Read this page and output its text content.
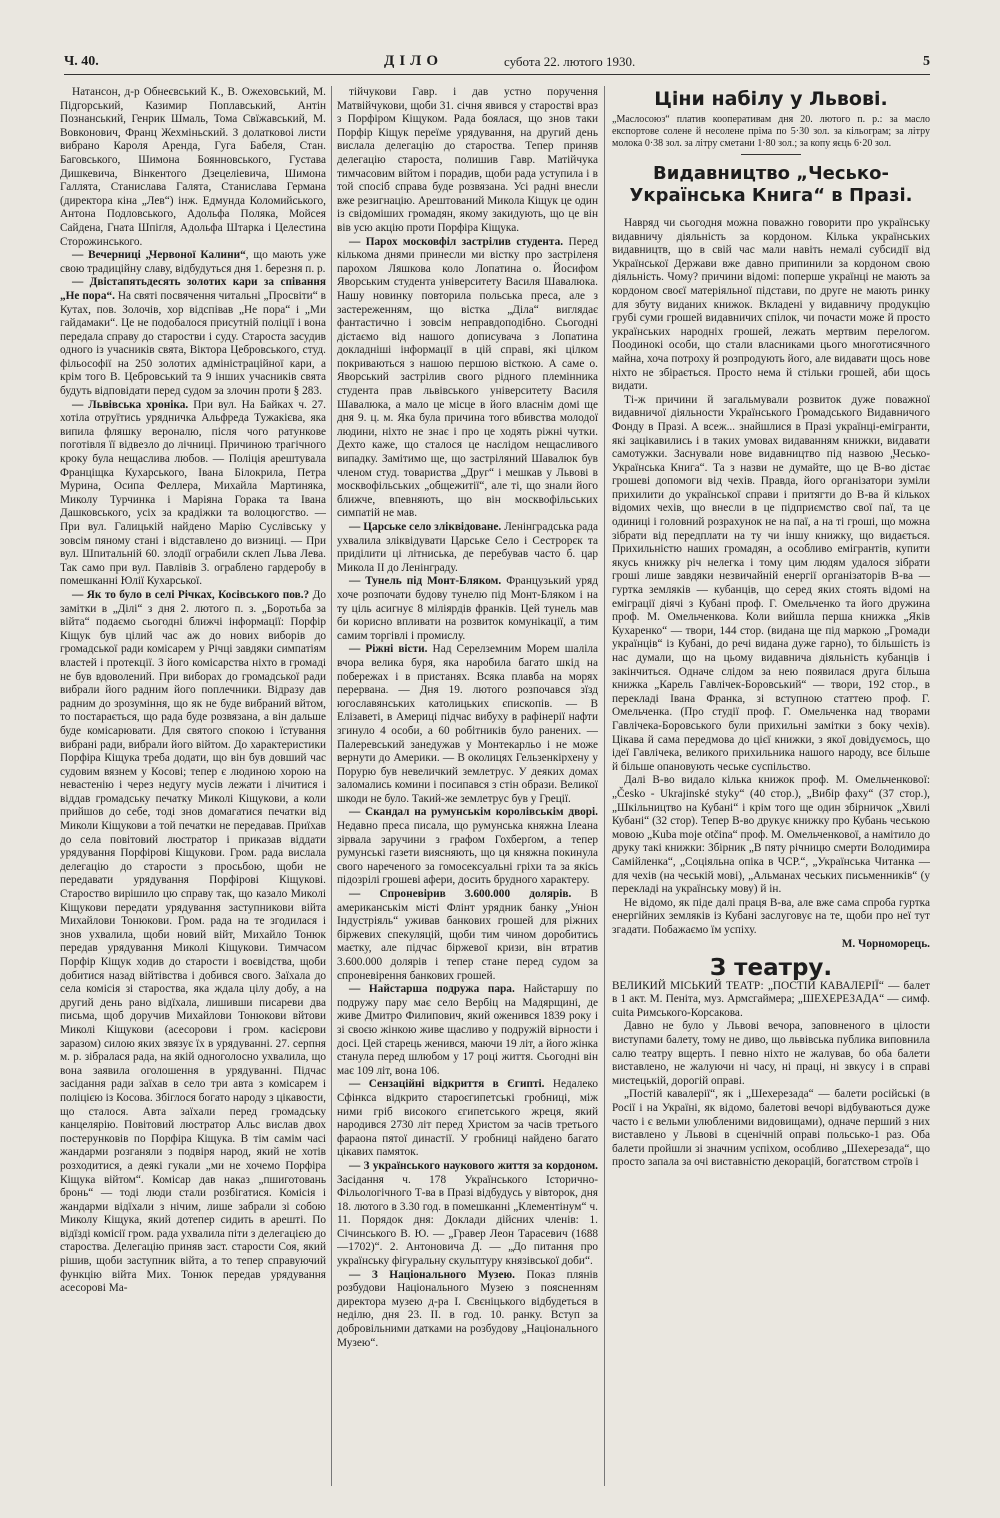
Ч. 40.	ДІЛО	субота 22. лютого 1930.	5

Натансон, д-р Обнеєвський К., В. Ожеховський, М. Підгорський, Казимир Поплавський, Антін Познанський, Генрик Шмаль, Тома Свїжавський, М. Вовконович, Франц Жехміньский. З долатковоі листи вибрано Кароля Аренда, Гуга Бабеля, Стан. Баговського, Шимона Боянновського, Густава Дишкевича, Вінкентого Дзецеліевича, Шимона Галлята, Станислава Галята, Станислава Германа (директора кіна „Лев“) інж. Едмунда Коломийського, Антона Подловського, Адольфа Поляка, Мойсея Сайдена, Гната Шпіґля, Адольфа Штарка і Целестина Сторожинського.

— Вечерниці „Червоної Калини“, що мають уже свою традиційну славу, відбудуться дня 1. березня п. р.

— Двістапятьдесять золотих кари за співання „Не пора“. На святі посвячення читальні „Просвіти“ в Кутах, пов. Золочів, хор відспівав „Не пора“ і „Ми гайдамаки“. Це не подобалося присутній поліції і вона передала справу до старостви і суду. Староста засудив одного із учасників свята, Віктора Цебровського, студ. фільософії на 250 золотих адміністраційної кари, а крім того В. Цебровський та 9 інших учасників свята будуть відповідати перед судом за злочин проти § 283.

— Львівська хроніка. При вул. На Байках ч. 27. хотіла отруїтись урядничка Альфреда Тужакієва, яка випила фляшку вероналю, після чого ратункове поготівля її відвезло до лічниці. Причиною трагічного кроку була нещаслива любов. — Поліція арештувала Франціщка Кухарського, Івана Білокрила, Петра Мурина, Осипа Феллера, Михайла Мартиняка, Миколу Турчинка і Маріяна Горака та Івана Дашковського, усіх за крадіжки та волоцюгство. — При вул. Галицькій найдено Марію Суслівську у зовсім пяному стані і відставлено до визниці. — При вул. Шпитальній 60. злодії ограбили склеп Льва Лева. Так само при вул. Павлівів 3. ограблено гардеробу в помешканні Юлії Кухарської.

— Як то було в селі Річках, Косівського пов.? До замітки в „Ділі“ з дня 2. лютого п. з. „Боротьба за війта“ подаємо сьогодні ближчі інформації: Порфір Кіщук був цілий час аж до нових виборів до громадської ради комісарем у Річці завдяки симпатіям властей і протекції. З його комісарства ніхто в громаді не був вдоволений. При виборах до громадської ради вибрали його радним його поплечники. Відразу дав радним до зрозуміння, що як не буде вибраний вйтом, то постарається, що рада буде розвязана, а він дальше буде комісарювати. Для святого спокою і їстування вибрані ради, вибрали його війтом. До характеристики Порфіра Кіщука треба додати, що він був довший час судовим вязнем у Косові; тепер є людиною хорою на невастенію і через недугу мусів лежати і лічитися і віддав громадську печатку Миколі Кіщукови, а коли прийшов до себе, тоді знов домагатися печатки від Миколи Кіщукови а той печатки не передавав. Приїхав до села повітовий люстратор і приказав віддати урядування Порфірові Кіщукови. Гром. рада вислала делегацію до старости з просьбою, щоби не передавати урядування Порфірові Кіщукові. Староство вирішило цю справу так, що казало Миколі Кіщукови передати урядування заступникови війта Михайлови Тонюкови. Гром. рада на те згодилася і знов ухвалила, щоби новий війт, Михайло Тонюк передав урядування Миколі Кіщукови. Тимчасом Порфір Кіщук ходив до старости і воєвідства, щоби добитися назад війтівства і добився свого. Заїхала до села комісія зі староства, яка ждала цілу добу, а на другий день рано відїхала, лишивши писареви два письма, щоб доручив Михайлови Тонюкови вйтови Миколі Кіщукови (асесорови і гром. касієрови заразом) силою яких звязує їх в урядуванні. 27. серпня м. р. зібралася рада, на якій одноголосно ухвалила, що вона заявила оголошення в урядуванні. Підчас засідання ради заїхав в село три авта з комісарем і поліцією із Косова. Збіглося богато народу з цікавости, що сталося. Авта заїхали перед громадську канцелярію. Повітовий люстратор Альс вислав двох постерунковів по Порфіра Кіщука. В тім самім часі жандарми розганяли з подвіря народ, який не хотів розходитися, а деякі гукали „ми не хочемо Порфіра Кіщука війтом“. Комісар дав наказ „пшиготовань бронь“ — тоді люди стали розбігатися. Комісія і жандарми відїхали з нічим, лише забрали зі собою Миколу Кіщука, який дотепер сидить в арешті. По відїзді комісії гром. рада ухвалила піти з делегацією до староства. Делегацію приняв заст. старости Соя, який рішив, щоби заступник війта, а то тепер справуючий функцію війта Мих. Тонюк передав урядування асесорові Ма-

тійчукови Гавр. і дав устно поручення Матвійчукови, щоби 31. січня явився у старостві враз з Порфіром Кіщуком. Рада боялася, що знов таки Порфір Кіщук переїме урядування, на другий день вислала делегацію до староства. Тепер приняв делегацію староста, полишив Гавр. Матійчука тимчасовим війтом і порадив, щоби рада уступила і в той спосіб справа буде розвязана. Усі радні внесли вже резигнацію. Арештований Микола Кіщук це один із свідоміших громадян, якому закидують, що це він вів усю акцію проти Порфіра Кіщука.

— Парох московфіл застрілив студента. Перед кількома днями принесли ми вістку про застріленя парохом Ляшкова коло Лопатина о. Йосифом Яворським студента університету Василя Шавалюка. Нашу новинку повторила польська преса, але з застереженням, що вістка „Діла“ виглядає фантастично і зовсім неправдоподібно. Сьогодні дістаємо від нашого дописувача з Лопатина докладніші інформації в цій справі, які цілком покриваються з нашою першою вісткою. А саме о. Яворський застрілив свого рідного племінника студента прав львівського університету Василя Шавалюка, а мало це місце в його власнім домі ще дня 9. ц. м. Яка була причина того вбивства молодої людини, ніхто не знає і про це ходять ріжні чутки. Дехто каже, що сталося це наслідом нещасливого випадку. Замітимо ще, що застріляний Шавалюк був членом студ. товариства „Друг“ і мешкав у Львові в москвофільських „общежитії“, але ті, що знали його ближче, впевняють, що він москвофільських симпатій не мав.

— Царське село зліквідоване. Ленінградська рада ухвалила зліквідувати Царське Село і Сестрорєк та приділити ці літниська, де перебував часто б. цар Микола ІІ до Ленінграду.

— Тунель під Монт-Бляком. Французький уряд хоче розпочати будову тунелю під Монт-Бляком і на ту ціль асигнує 8 міліярдів франків. Цей тунель мав би корисно впливати на розвиток комунікації, а тим самим торгівлі і промислу.

— Ріжні вісти. Над Серелземним Морем шаліла вчора велика буря, яка наробила багато шкід на побережах і в пристанях. Всяка плавба на морях перервана. — Дня 19. лютого розпочався зїзд югославянських католицьких єпископів. — В Елізаветі, в Америці підчас вибуху в рафінерії нафти згинуло 4 особи, а 60 робітників було ранених. — Палеревський занедужав у Монтекарльо і не може вернути до Америки. — В околицях Гельзенкірхену у Порурю був невеличкий землетрус. У деяких домах заломались комини і посипався з стін образи. Великої шкоди не було. Такий-же землетрус був у Греції.

— Скандал на румунськім королівськім дворі. Недавно преса писала, що румунська княжна Ілеана зірвала заручини з графом Гохберґом, а тепер румунські газети виясняють, що ця княжна покинула свого нареченого за гомосексуальні гріхи та за якісь підозрілі грошеві афери, досить брудного характеру.

— Спроневірив 3.600.000 долярів. В американськім місті Флінт урядник банку „Уніон Індустріяль“ уживав банкових грошей для ріжних біржевих спекуляцій, щоби тим чином доробитись маєтку, але підчас біржевої кризи, він втратив 3.600.000 долярів і тепер стане перед судом за спроневірення банкових грошей.

— Найстарша подружа пара. Найстаршу по подружу пару має село Вербіц на Мадярщині, де живе Дмитро Филипович, який оженився 1839 року і зі своєю жінкою живе щасливо у подружій вірности і досі. Цей старець женився, маючи 19 літ, а його жінка станула перед шлюбом у 17 році життя. Сьогодні він має 109 літ, вона 106.

— Сензаційні відкриття в Єгипті. Недалеко Сфінкса відкрито староєгипетські гробниці, між ними гріб високого єгипетського жреця, який народився 2730 літ перед Христом за часів третього фараона пятої династії. У гробниці найдено багато цікавих памяток.

— З українського наукового життя за кордоном. Засідання ч. 178 Українського Історично-Фільологічного Т-ва в Празі відбудусь у вівторок, дня 18. лютого в 3.30 год. в помешканні „Клементінум“ ч. 11. Порядок дня: Доклади дійсних членів: 1. Січинського В. Ю. — „Гравер Леон Тарасевич (1688—1702)“. 2. Антоновича Д. — „До питання про українську фігуральну скульптуру князівської доби“.

— З Національного Музею. Показ плянів розбудови Національного Музею з поясненням директора музею д-ра І. Свєніцького відбудеться в неділю, дня 23. ІІ. в год. 10. ранку. Вступ за добровільними датками на розбудову „Національного Музею“.

Ціни набілу у Львові.

„Маслосоюз“ платив кооперативам дня 20. лютого п. р.: за масло експортове солене й несолене пріма по 5·30 зол. за кільограм; за літру молока 0·38 зол. за літру сметани 1·80 зол.; за копу яєць 6·20 зол.

Видавництво „Чесько-Українська Книга“ в Празі.

Навряд чи сьогодня можна поважно говорити про українську видавничу діяльність за кордоном. Кілька українських видавництв, що в свій час мали навіть немалі субсидії від Української Держави вже давно припинили за кордоном свою діяльність. Чому? причини відомі: поперше українці не мають за кордоном своєї матеріяльної підстави, по друге не мають ринку для збуту виданих книжок. Вкладені у видавничу продукцію грубі суми грошей видавничих спілок, чи почасти може й просто українських народніх грошей, лежать мертвим перелогом. Поодинокі особи, що стали власниками цього многотисячного майна, хоча потроху й розпродують його, але видавати щось нове ніхто не збірається. Просто нема й стільки грошей, аби щось видати.

Ті-ж причини й загальмували розвиток дуже поважної видавничої діяльности Українського Громадського Видавничого Фонду в Празі. А всеж... знайшлися в Празі українці-емігранти, які зацікавились і в таких умовах видаванням книжки, видавати самотужки. Заснували нове видавництво під назвою „Чесько-Українська Книга“. Та з назви не думайте, що це В-во дістає грошеві допомоги від чехів. Правда, його організатори зуміли прихилити до української справи і притягти до В-ва й кількох відомих чехів, що внесли в це підприємство свої паї, та це одиниці і головний розрахунок не на паї, а на ті гроші, що можна зібрати від передплати на ту чи іншу книжку, що видається. Прихильністю наших громадян, а особливо емігрантів, купити якусь книжку річ нелегка і тому цим людям удалося зібрати гроші лише завдяки незвичайній енергії організаторів В-ва — гуртка земляків — кубанців, що серед яких стоять відомі на еміграції діячі з Кубані проф. Г. Омельченко та його дружина проф. М. Омельченкова. Коли вийшла перша книжка „Яків Кухаренко“ — твори, 144 стор. (видана ще під маркою „Громади українців“ із Кубані, до речі видана дуже гарно), то більшість із нас думали, що на цьому видавнича діяльність кубанців і закінчиться. Одначе слідом за нею появилася друга більша книжка „Карель Гавлічек-Боровський“ — твори, 192 стор., в перекладі Івана Франка, зі вступною статтею проф. Г. Омельченка. (Про студії проф. Г. Омельченка над творами Гавлічека-Боровського були прихильні замітки з боку чехів). Цікава й сама передмова до цієї книжки, з якої довідуємось, що ідеї Гавлічека, великого прихильника нашого народу, все більше й більше опановують чеське суспільство.

Далі В-во видало кілька книжок проф. М. Омельченкової: „Česko - Ukrajinské styky“ (40 стор.), „Вибір фаху“ (37 стор.), „Шкільництво на Кубані“ і крім того ще один збірничок „Хвилі Кубані“ (32 стор). Тепер В-во друкує книжку про Кубань чеською мовою „Kuba moje otčina“ проф. М. Омельченкової, а намітило до друку такі книжки: Збірник „В пяту річницю смерти Володимира Самійленка“, „Соціяльна опіка в ЧСР.“, „Українська Читанка — для чехів (на чеській мові), „Альманах чеських письменників“ (у перекладі на українську мову) й ін.

Не відомо, як піде далі праця В-ва, але вже сама спроба гуртка енергійних земляків із Кубані заслуговує на те, щоби про неї тут згадати. Побажаємо їм успіху.

М. Чорноморець.
З театру.

ВЕЛИКИЙ МІСЬКИЙ ТЕАТР: „ПОСТІЙ КАВАЛЕРІЇ“ — балет в 1 акт. М. Пеніта, муз. Армсгаймера; „ШЕХЕРЕЗАДА“ — симф. сuita Римського-Корсакова.

Давно не було у Львові вечора, заповненого в цілости виступами балету, тому не диво, що львівська публика виповнила салю театру вщерть. І певно ніхто не жалував, бо оба балети виставлено, не жалуючи ні часу, ні праці, ні звкусу і в справі мистецькій, дорогій оправі.

„Постій кавалерії“, як і „Шехерезада“ — балети російські (в Росії і на Україні, як відомо, балетові вечорі відбуваються дуже часто і є вельми улюбленими видовищами), одначе перший з них виставлено у Львові в сценічній оправі польсько-1 раз. Оба балети пройшли зі значним успіхом, особливо „Шехерезада“, що просто запала за очі виставністю декорацій, богатством строїв і
